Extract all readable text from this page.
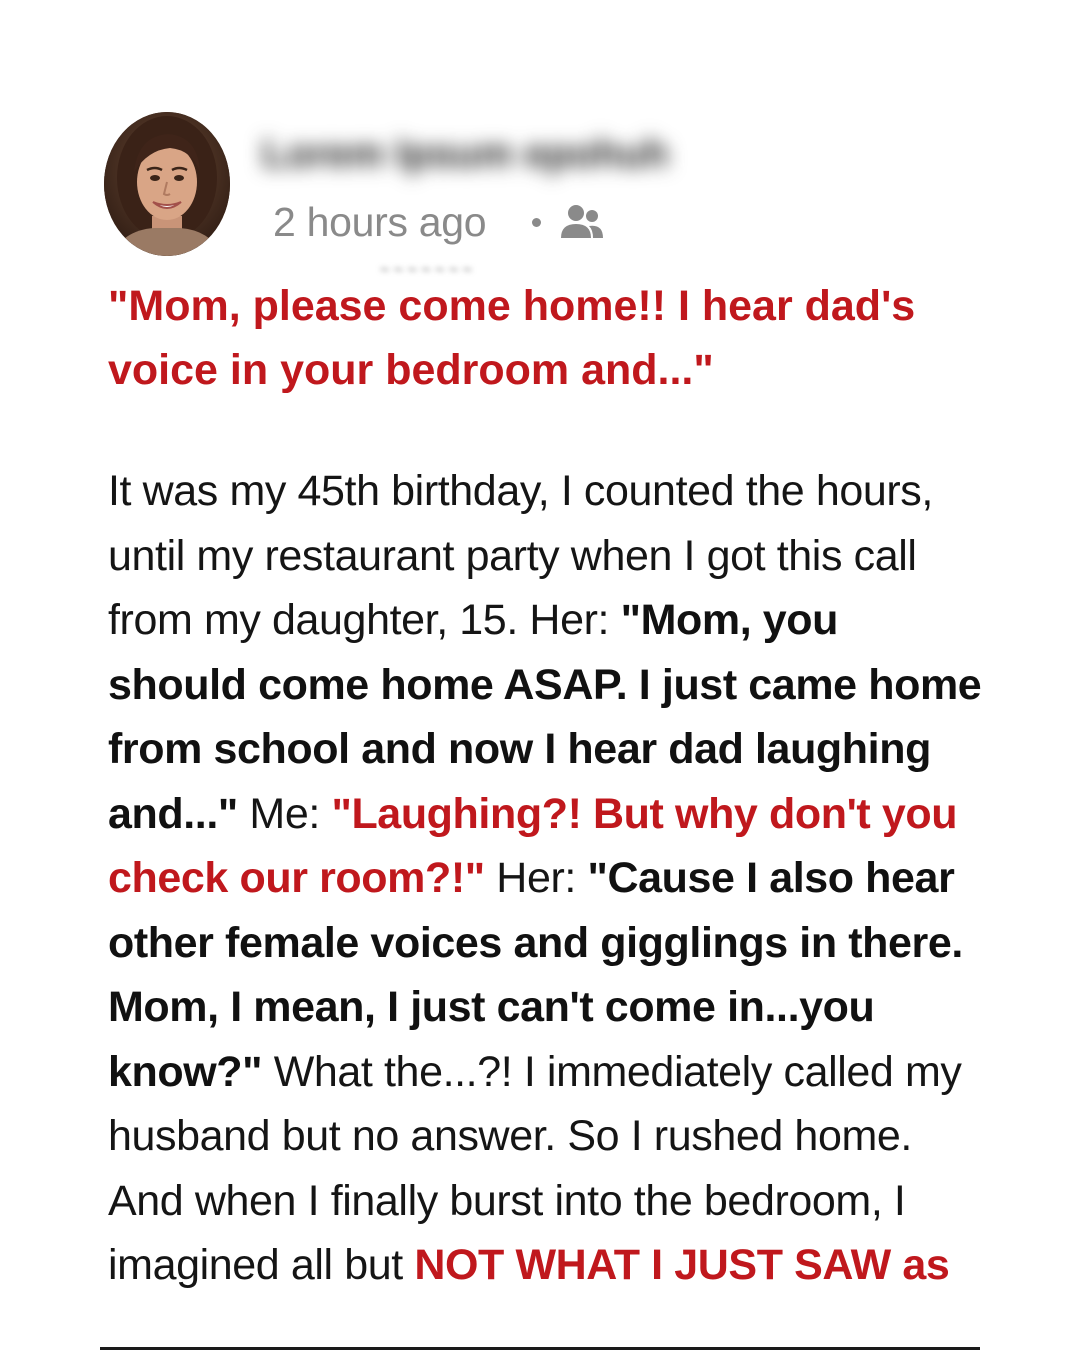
Lorem Ipsum epohuh
2 hours ago
~ ~ ~ ~ ~ ~ ~
"Mom, please come home!! I hear dad's voice in your bedroom and..."

It was my 45th birthday, I counted the hours, until my restaurant party when I got this call from my daughter, 15. Her: "Mom, you should come home ASAP. I just came home from school and now I hear dad laughing and..." Me: "Laughing?! But why don't you check our room?!" Her: "Cause I also hear other female voices and gigglings in there. Mom, I mean, I just can't come in...you know?" What the...?! I immediately called my husband but no answer. So I rushed home. And when I finally burst into the bedroom, I imagined all but NOT WHAT I JUST SAW as
